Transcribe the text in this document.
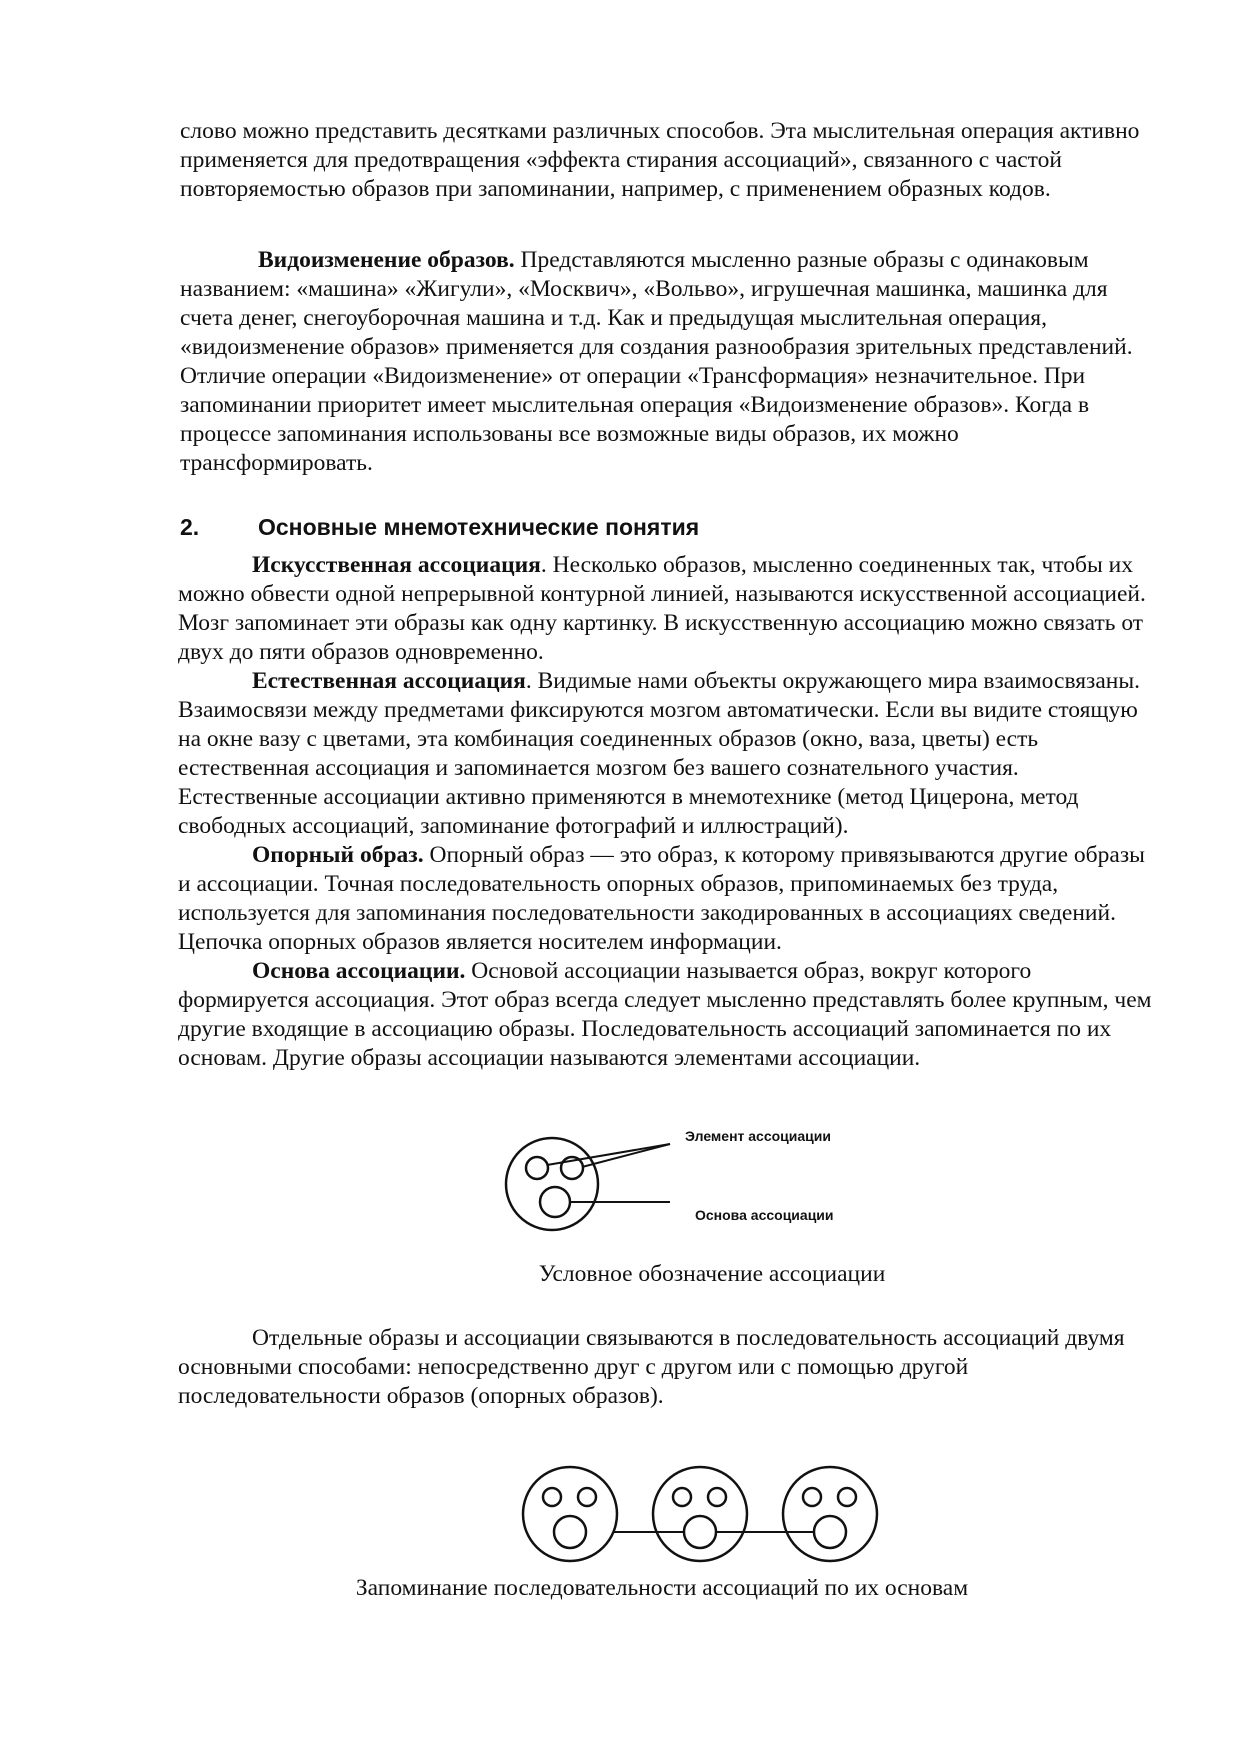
слово можно представить десятками различных способов. Эта мыслительная операция активно применяется для предотвращения «эффекта стирания ассоциаций», связанного с частой повторяемостью образов при запоминании, например, с применением образных кодов.

Видоизменение образов. Представляются мысленно разные образы с одинаковым названием: «машина» «Жигули», «Москвич», «Вольво», игрушечная машинка, машинка для счета денег, снегоуборочная машина и т.д. Как и предыдущая мыслительная операция, «видоизменение образов» применяется для создания разнообразия зрительных представлений. Отличие операции «Видоизменение» от операции «Трансформация» незначительное. При запоминании приоритет имеет мыслительная операция «Видоизменение образов». Когда в процессе запоминания использованы все возможные виды образов, их можно трансформировать.

2.	Основные мнемотехнические понятия

Искусственная ассоциация. Несколько образов, мысленно соединенных так, чтобы их можно обвести одной непрерывной контурной линией, называются искусственной ассоциацией. Мозг запоминает эти образы как одну картинку. В искусственную ассоциацию можно связать от двух до пяти образов одновременно.

Естественная ассоциация. Видимые нами объекты окружающего мира взаимосвязаны. Взаимосвязи между предметами фиксируются мозгом автоматически. Если вы видите стоящую на окне вазу с цветами, эта комбинация соединенных образов (окно, ваза, цветы) есть естественная ассоциация и запоминается мозгом без вашего сознательного участия. Естественные ассоциации активно применяются в мнемотехнике (метод Цицерона, метод свободных ассоциаций, запоминание фотографий и иллюстраций).

Опорный образ. Опорный образ — это образ, к которому привязываются другие образы и ассоциации. Точная последовательность опорных образов, припоминаемых без труда, используется для запоминания последовательности закодированных в ассоциациях сведений. Цепочка опорных образов является носителем информации.

Основа ассоциации. Основой ассоциации называется образ, вокруг которого формируется ассоциация. Этот образ всегда следует мысленно представлять более крупным, чем другие входящие в ассоциацию образы. Последовательность ассоциаций запоминается по их основам. Другие образы ассоциации называются элементами ассоциации.

Элемент ассоциации
Основа ассоциации
Условное обозначение ассоциации

Отдельные образы и ассоциации связываются в последовательность ассоциаций двумя основными способами: непосредственно друг с другом или с помощью другой последовательности образов (опорных образов).

Запоминание последовательности ассоциаций по их основам
